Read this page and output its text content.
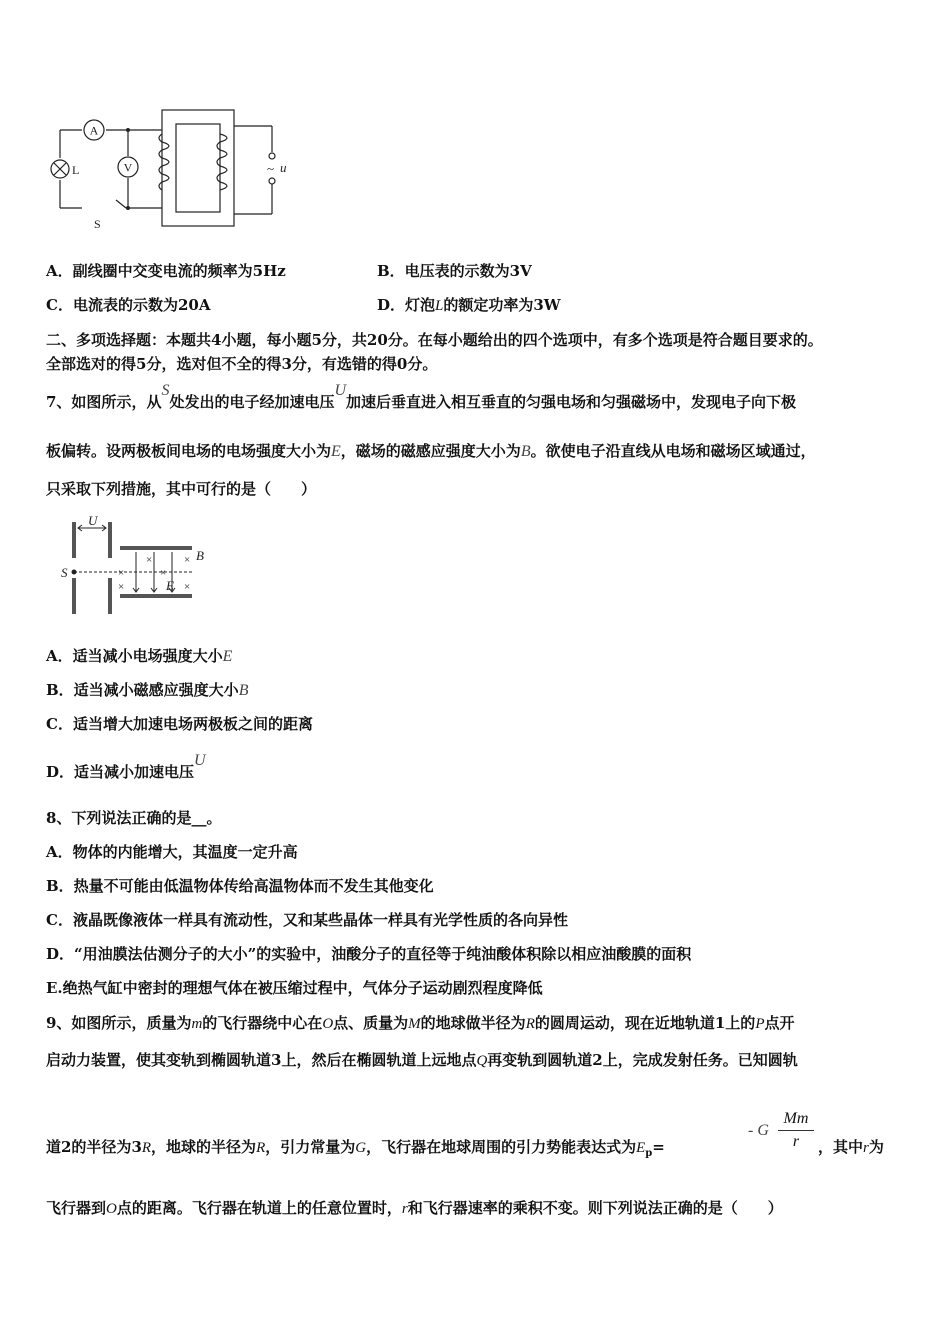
A
V
L
S
~ u
A．副线圈中交变电流的频率为5Hz	B．电压表的示数为3V
C．电流表的示数为20A	D．灯泡L的额定功率为3W
二、多项选择题：本题共4小题，每小题5分，共20分。在每小题给出的四个选项中，有多个选项是符合题目要求的。
全部选对的得5分，选对但不全的得3分，有选错的得0分。
7、如图所示，从S处发出的电子经加速电压U加速后垂直进入相互垂直的匀强电场和匀强磁场中，发现电子向下极
板偏转。设两极板间电场的电场强度大小为E，磁场的磁感应强度大小为B。欲使电子沿直线从电场和磁场区域通过，
只采取下列措施，其中可行的是（　　）
U
S
B
E
×	×
×	×
×	×
A．适当减小电场强度大小E
B．适当减小磁感应强度大小B
C．适当增大加速电场两极板之间的距离
D．适当减小加速电压U
8、下列说法正确的是__。
A．物体的内能增大，其温度一定升高
B．热量不可能由低温物体传给高温物体而不发生其他变化
C．液晶既像液体一样具有流动性，又和某些晶体一样具有光学性质的各向异性
D．“用油膜法估测分子的大小”的实验中，油酸分子的直径等于纯油酸体积除以相应油酸膜的面积
E.绝热气缸中密封的理想气体在被压缩过程中，气体分子运动剧烈程度降低
9、如图所示，质量为m的飞行器绕中心在O点、质量为M的地球做半径为R的圆周运动，现在近地轨道1上的P点开
启动力装置，使其变轨到椭圆轨道3上，然后在椭圆轨道上远地点Q再变轨到圆轨道2上，完成发射任务。已知圆轨
道2的半径为3R，地球的半径为R，引力常量为G，飞行器在地球周围的引力势能表达式为$E_p=$
- G
Mm
r	，其中r为
飞行器到O点的距离。飞行器在轨道上的任意位置时，r和飞行器速率的乘积不变。则下列说法正确的是（　　）
